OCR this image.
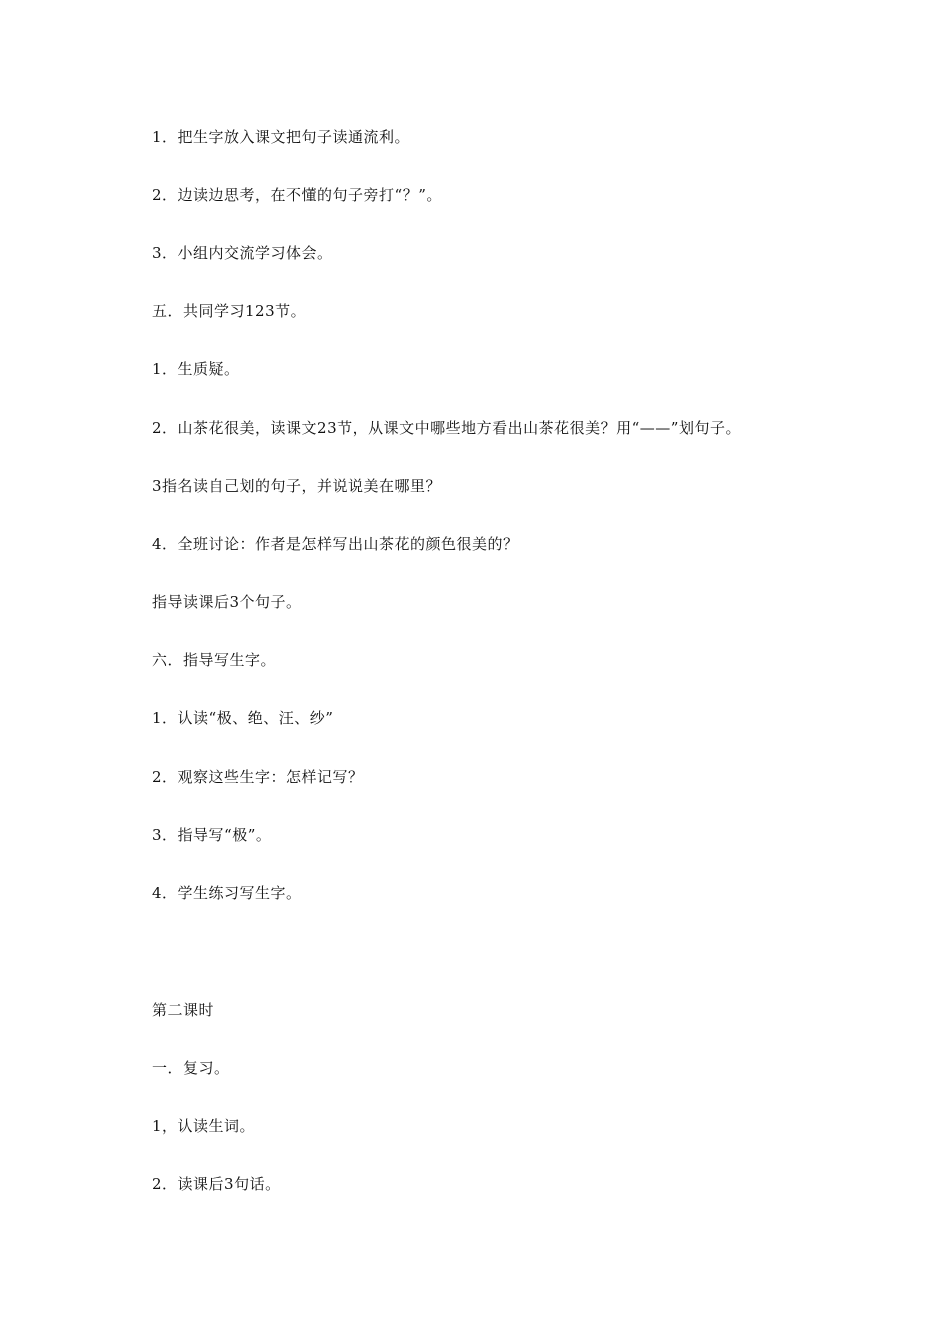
1．把生字放入课文把句子读通流利。
2．边读边思考，在不懂的句子旁打“？”。
3．小组内交流学习体会。
五．共同学习123节。
1．生质疑。
2．山茶花很美，读课文23节，从课文中哪些地方看出山茶花很美？用“——”划句子。
3指名读自己划的句子，并说说美在哪里？
4．全班讨论：作者是怎样写出山茶花的颜色很美的？
指导读课后3个句子。
六．指导写生字。
1．认读“极、绝、汪、纱”
2．观察这些生字：怎样记写？
3．指导写“极”。
4．学生练习写生字。
第二课时
一．复习。
1，认读生词。
2．读课后3句话。
